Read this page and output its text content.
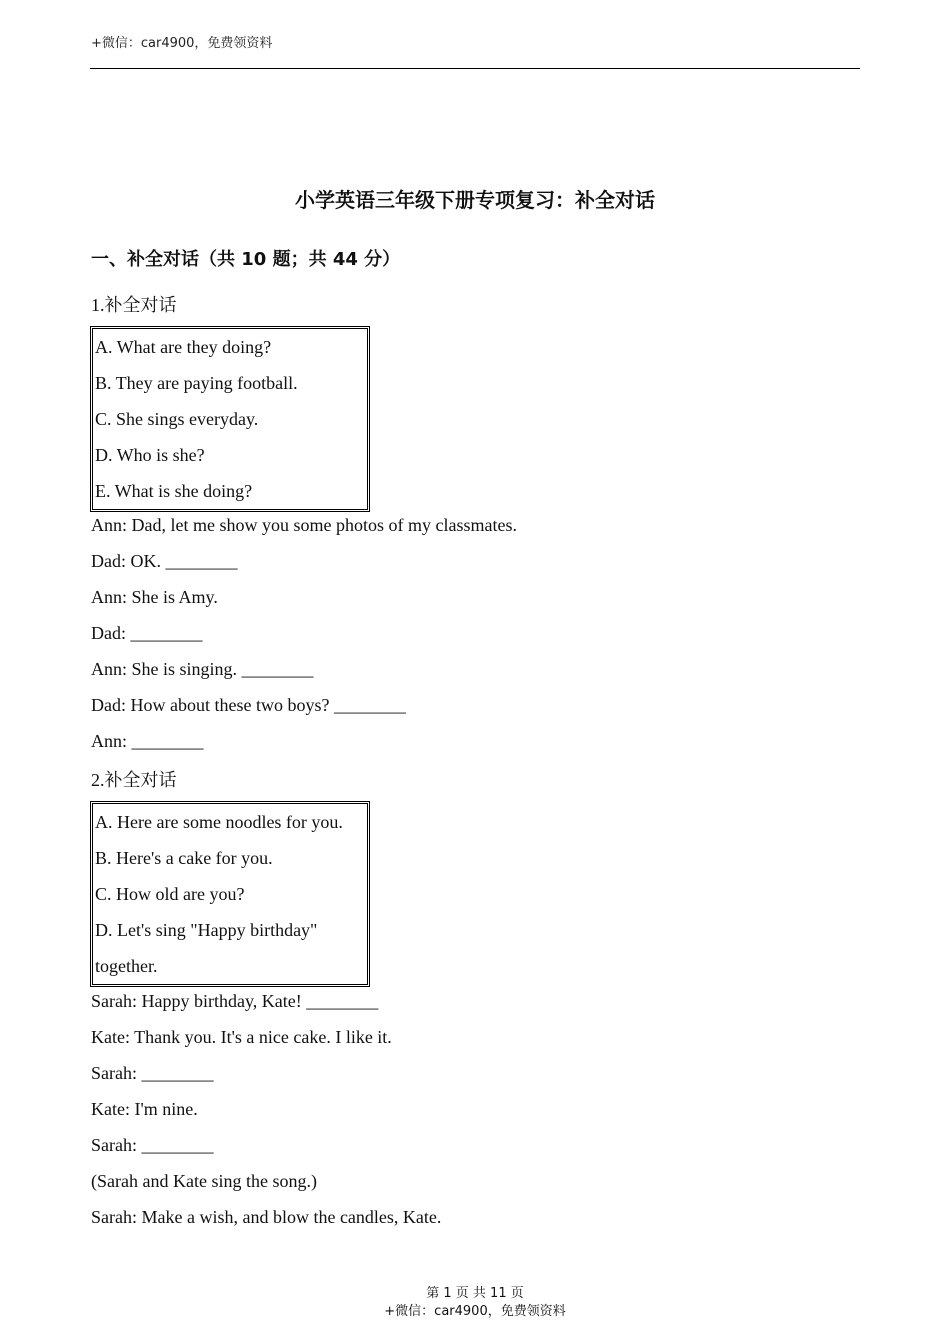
+微信：car4900，免费领资料
小学英语三年级下册专项复习：补全对话
一、补全对话（共 10 题；共 44 分）
1.补全对话
A. What are they doing?
B. They are paying football.
C. She sings everyday.
D. Who is she?
E. What is she doing?
Ann: Dad, let me show you some photos of my classmates.
Dad: OK. ________
Ann: She is Amy.
Dad: ________
Ann: She is singing. ________
Dad: How about these two boys? ________
Ann: ________
2.补全对话
A. Here are some noodles for you.
B. Here's a cake for you.
C. How old are you?
D. Let's sing "Happy birthday"
together.
Sarah: Happy birthday, Kate! ________
Kate: Thank you. It's a nice cake. I like it.
Sarah: ________
Kate: I'm nine.
Sarah: ________
(Sarah and Kate sing the song.)
Sarah: Make a wish, and blow the candles, Kate.
第 1 页 共 11 页
+微信：car4900，免费领资料
